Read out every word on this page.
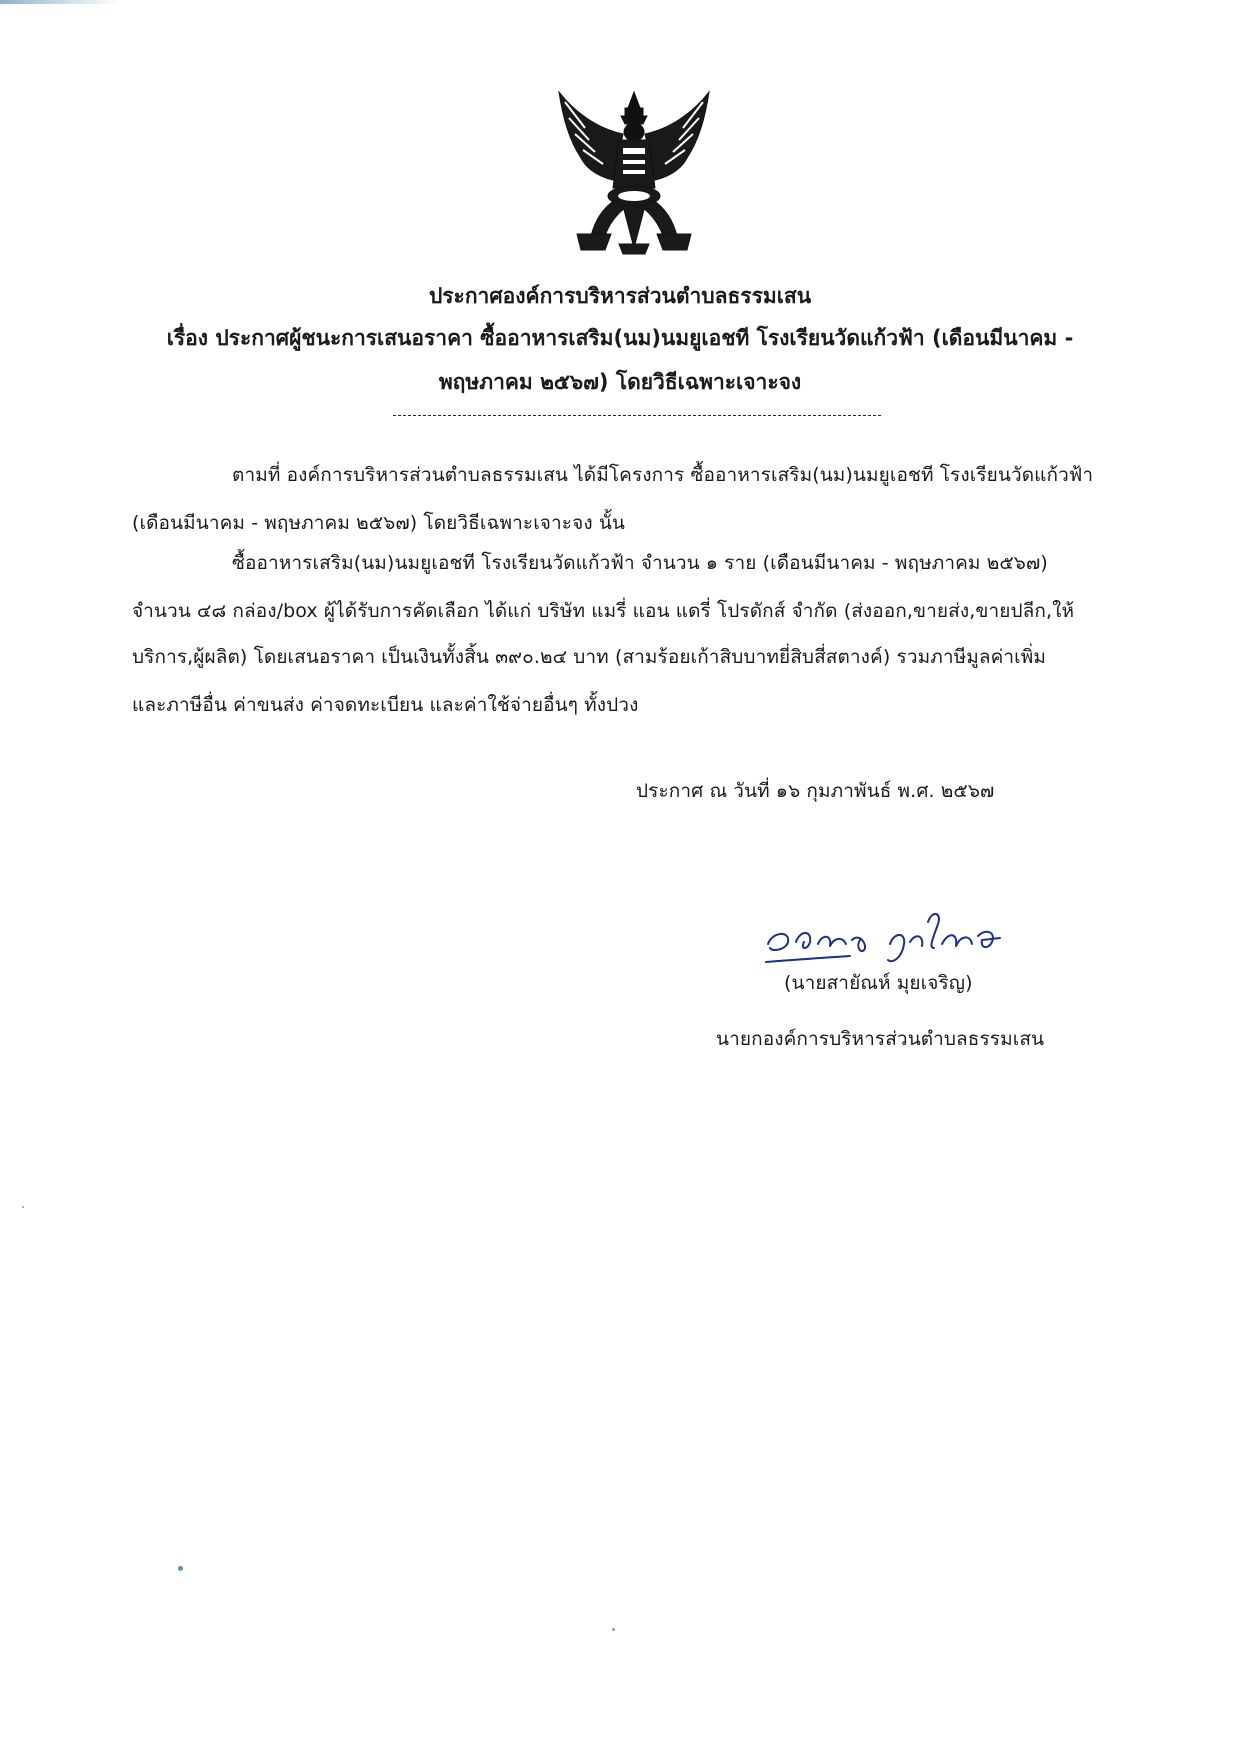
ประกาศองค์การบริหารส่วนตำบลธรรมเสน
เรื่อง ประกาศผู้ชนะการเสนอราคา ซื้ออาหารเสริม(นม)นมยูเอชที โรงเรียนวัดแก้วฟ้า (เดือนมีนาคม -
พฤษภาคม ๒๕๖๗) โดยวิธีเฉพาะเจาะจง
ตามที่ องค์การบริหารส่วนตำบลธรรมเสน ได้มีโครงการ ซื้ออาหารเสริม(นม)นมยูเอชที โรงเรียนวัดแก้วฟ้า
(เดือนมีนาคม - พฤษภาคม ๒๕๖๗) โดยวิธีเฉพาะเจาะจง นั้น
ซื้ออาหารเสริม(นม)นมยูเอชที โรงเรียนวัดแก้วฟ้า จำนวน ๑ ราย (เดือนมีนาคม - พฤษภาคม ๒๕๖๗)
จำนวน ๔๘ กล่อง/box ผู้ได้รับการคัดเลือก ได้แก่ บริษัท แมรี่ แอน แดรี่ โปรดักส์ จำกัด (ส่งออก,ขายส่ง,ขายปลีก,ให้
บริการ,ผู้ผลิต) โดยเสนอราคา เป็นเงินทั้งสิ้น ๓๙๐.๒๔ บาท (สามร้อยเก้าสิบบาทยี่สิบสี่สตางค์) รวมภาษีมูลค่าเพิ่ม
และภาษีอื่น ค่าขนส่ง ค่าจดทะเบียน และค่าใช้จ่ายอื่นๆ ทั้งปวง
ประกาศ ณ วันที่ ๑๖ กุมภาพันธ์ พ.ศ. ๒๕๖๗
(นายสายัณห์ มุยเจริญ)
นายกองค์การบริหารส่วนตำบลธรรมเสน
